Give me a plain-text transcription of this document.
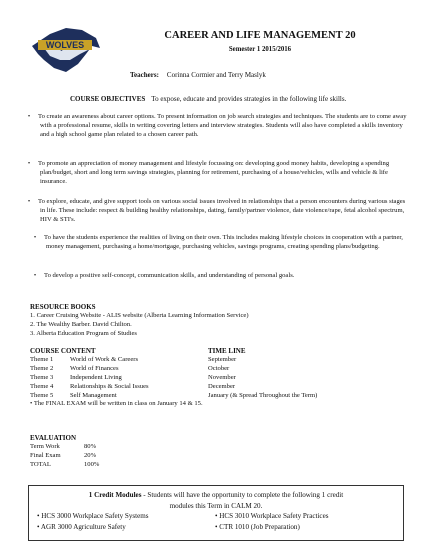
WOLVES
CAREER AND LIFE MANAGEMENT 20
Semester 1 2015/2016
Teachers: Corinna Cormier and Terry Maslyk
COURSE OBJECTIVES To expose, educate and provides strategies in the following life skills.
• To create an awareness about career options. To present information on job search strategies and techniques. The students are to come away with a professional resume, skills in writing covering letters and interview strategies. Students will also have completed a skills inventory and a high school game plan related to a chosen career path.
• To promote an appreciation of money management and lifestyle focussing on: developing good money habits, developing a spending plan/budget, short and long term savings strategies, planning for retirement, purchasing of a house/vehicles, wills and vehicle & life insurance.
• To explore, educate, and give support tools on various social issues involved in relationships that a person encounters during various stages in life. These include: respect & building healthy relationships, dating, family/partner violence, date violence/rape, fetal alcohol spectrum, HIV & STI's.
• To have the students experience the realities of living on their own. This includes making lifestyle choices in cooperation with a partner, money management, purchasing a home/mortgage, purchasing vehicles, savings programs, creating spending plans/budgeting.
• To develop a positive self-concept, communication skills, and understanding of personal goals.
RESOURCE BOOKS
1. Career Cruising Website - ALIS website (Alberta Learning Information Service)
2. The Wealthy Barber. David Chilton.
3. Alberta Education Program of Studies
COURSE CONTENT	TIME LINE
Theme 1	World of Work & Careers	September
Theme 2	World of Finances	October
Theme 3	Independent Living	November
Theme 4	Relationships & Social Issues	December
Theme 5	Self Management	January (& Spread Throughout the Term)
• The FINAL EXAM will be written in class on January 14 & 15.
EVALUATION
Term Work	80%
Final Exam	20%
TOTAL	100%
1 Credit Modules - Students will have the opportunity to complete the following 1 credit
modules this Term in CALM 20.
• HCS 3000 Workplace Safety Systems	• HCS 3010 Workplace Safety Practices
• AGR 3000 Agriculture Safety	• CTR 1010 (Job Preparation)
